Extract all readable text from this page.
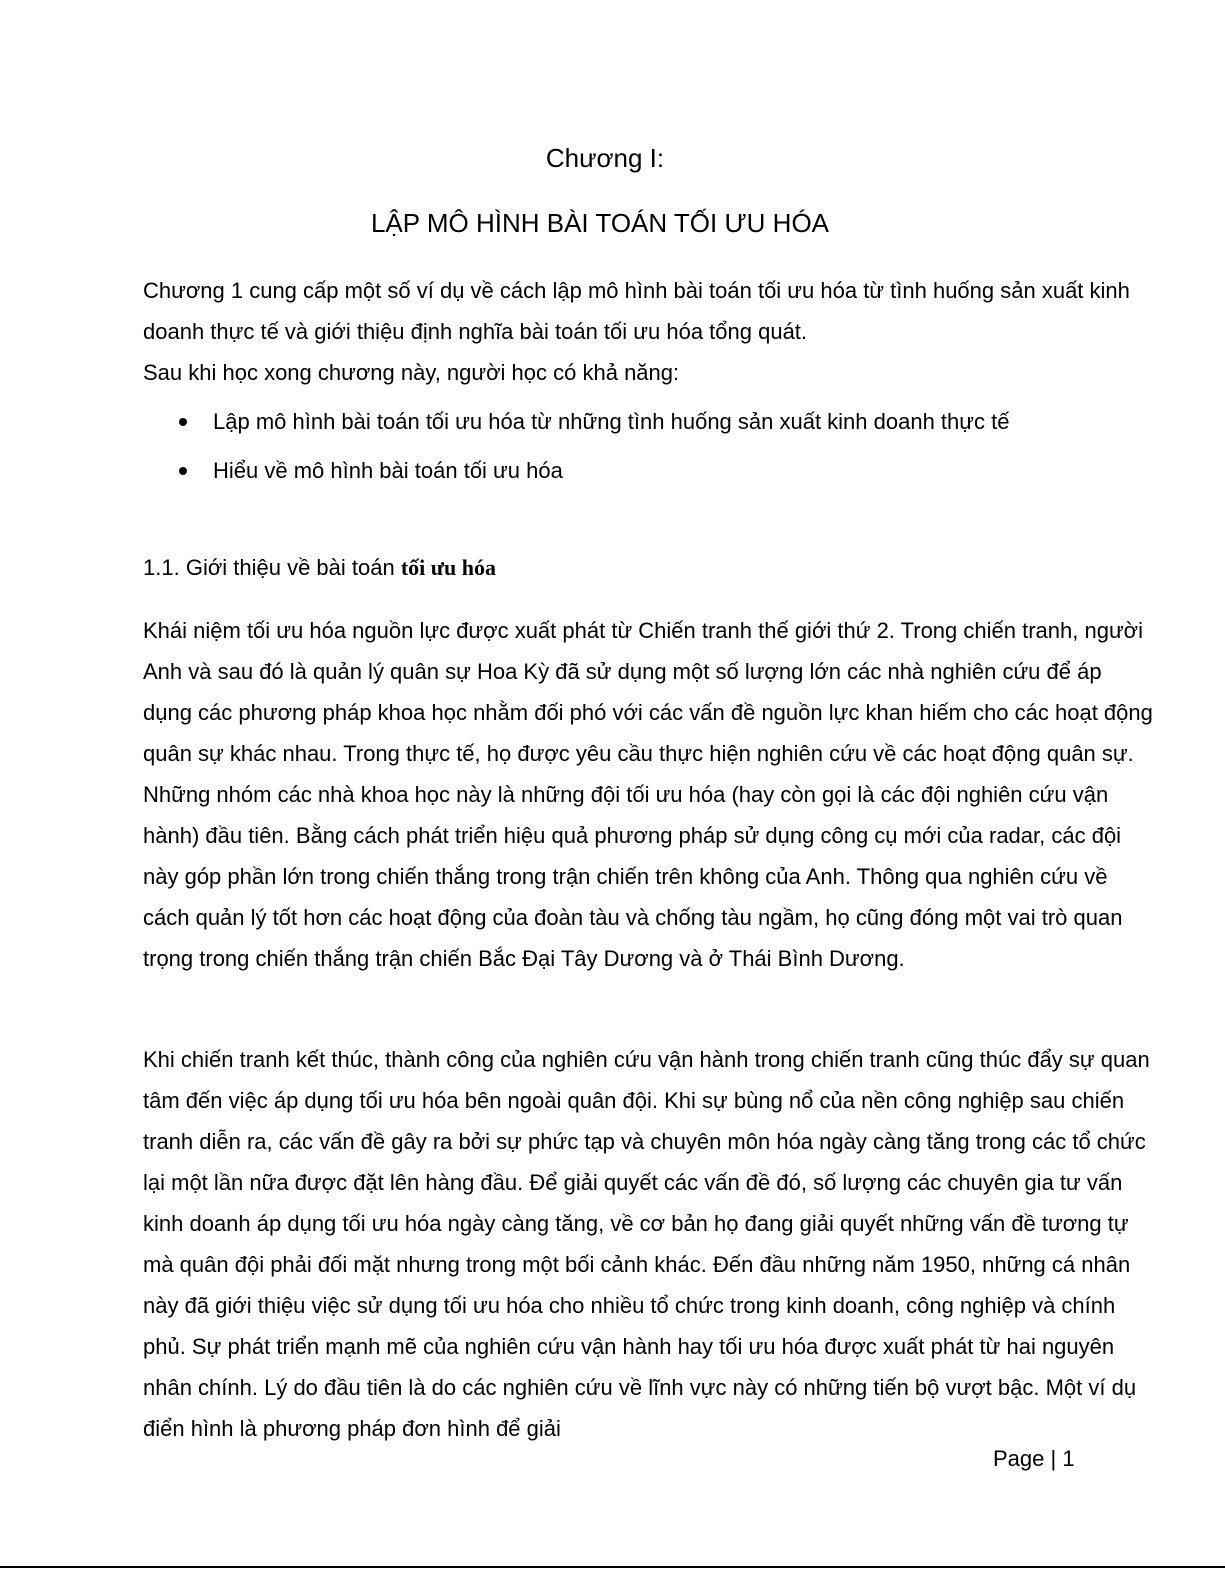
Chương I:
LẬP MÔ HÌNH BÀI TOÁN TỐI ƯU HÓA

Chương 1 cung cấp một số ví dụ về cách lập mô hình bài toán tối ưu hóa từ tình huống sản xuất kinh doanh thực tế và giới thiệu định nghĩa bài toán tối ưu hóa tổng quát.

Sau khi học xong chương này, người học có khả năng:

Lập mô hình bài toán tối ưu hóa từ những tình huống sản xuất kinh doanh thực tế
Hiểu về mô hình bài toán tối ưu hóa
1.1. Giới thiệu về bài toán tối ưu hóa

Khái niệm tối ưu hóa nguồn lực được xuất phát từ Chiến tranh thế giới thứ 2. Trong chiến tranh, người Anh và sau đó là quản lý quân sự Hoa Kỳ đã sử dụng một số lượng lớn các nhà nghiên cứu để áp dụng các phương pháp khoa học nhằm đối phó với các vấn đề nguồn lực khan hiếm cho các hoạt động quân sự khác nhau. Trong thực tế, họ được yêu cầu thực hiện nghiên cứu về các hoạt động quân sự. Những nhóm các nhà khoa học này là những đội tối ưu hóa (hay còn gọi là các đội nghiên cứu vận hành) đầu tiên. Bằng cách phát triển hiệu quả phương pháp sử dụng công cụ mới của radar, các đội này góp phần lớn trong chiến thắng trong trận chiến trên không của Anh. Thông qua nghiên cứu về cách quản lý tốt hơn các hoạt động của đoàn tàu và chống tàu ngầm, họ cũng đóng một vai trò quan trọng trong chiến thắng trận chiến Bắc Đại Tây Dương và ở Thái Bình Dương.

Khi chiến tranh kết thúc, thành công của nghiên cứu vận hành trong chiến tranh cũng thúc đẩy sự quan tâm đến việc áp dụng tối ưu hóa bên ngoài quân đội. Khi sự bùng nổ của nền công nghiệp sau chiến tranh diễn ra, các vấn đề gây ra bởi sự phức tạp và chuyên môn hóa ngày càng tăng trong các tổ chức lại một lần nữa được đặt lên hàng đầu. Để giải quyết các vấn đề đó, số lượng các chuyên gia tư vấn kinh doanh áp dụng tối ưu hóa ngày càng tăng, về cơ bản họ đang giải quyết những vấn đề tương tự mà quân đội phải đối mặt nhưng trong một bối cảnh khác. Đến đầu những năm 1950, những cá nhân này đã giới thiệu việc sử dụng tối ưu hóa cho nhiều tổ chức trong kinh doanh, công nghiệp và chính phủ. Sự phát triển mạnh mẽ của nghiên cứu vận hành hay tối ưu hóa được xuất phát từ hai nguyên nhân chính. Lý do đầu tiên là do các nghiên cứu về lĩnh vực này có những tiến bộ vượt bậc. Một ví dụ điển hình là phương pháp đơn hình để giải

Page | 1
